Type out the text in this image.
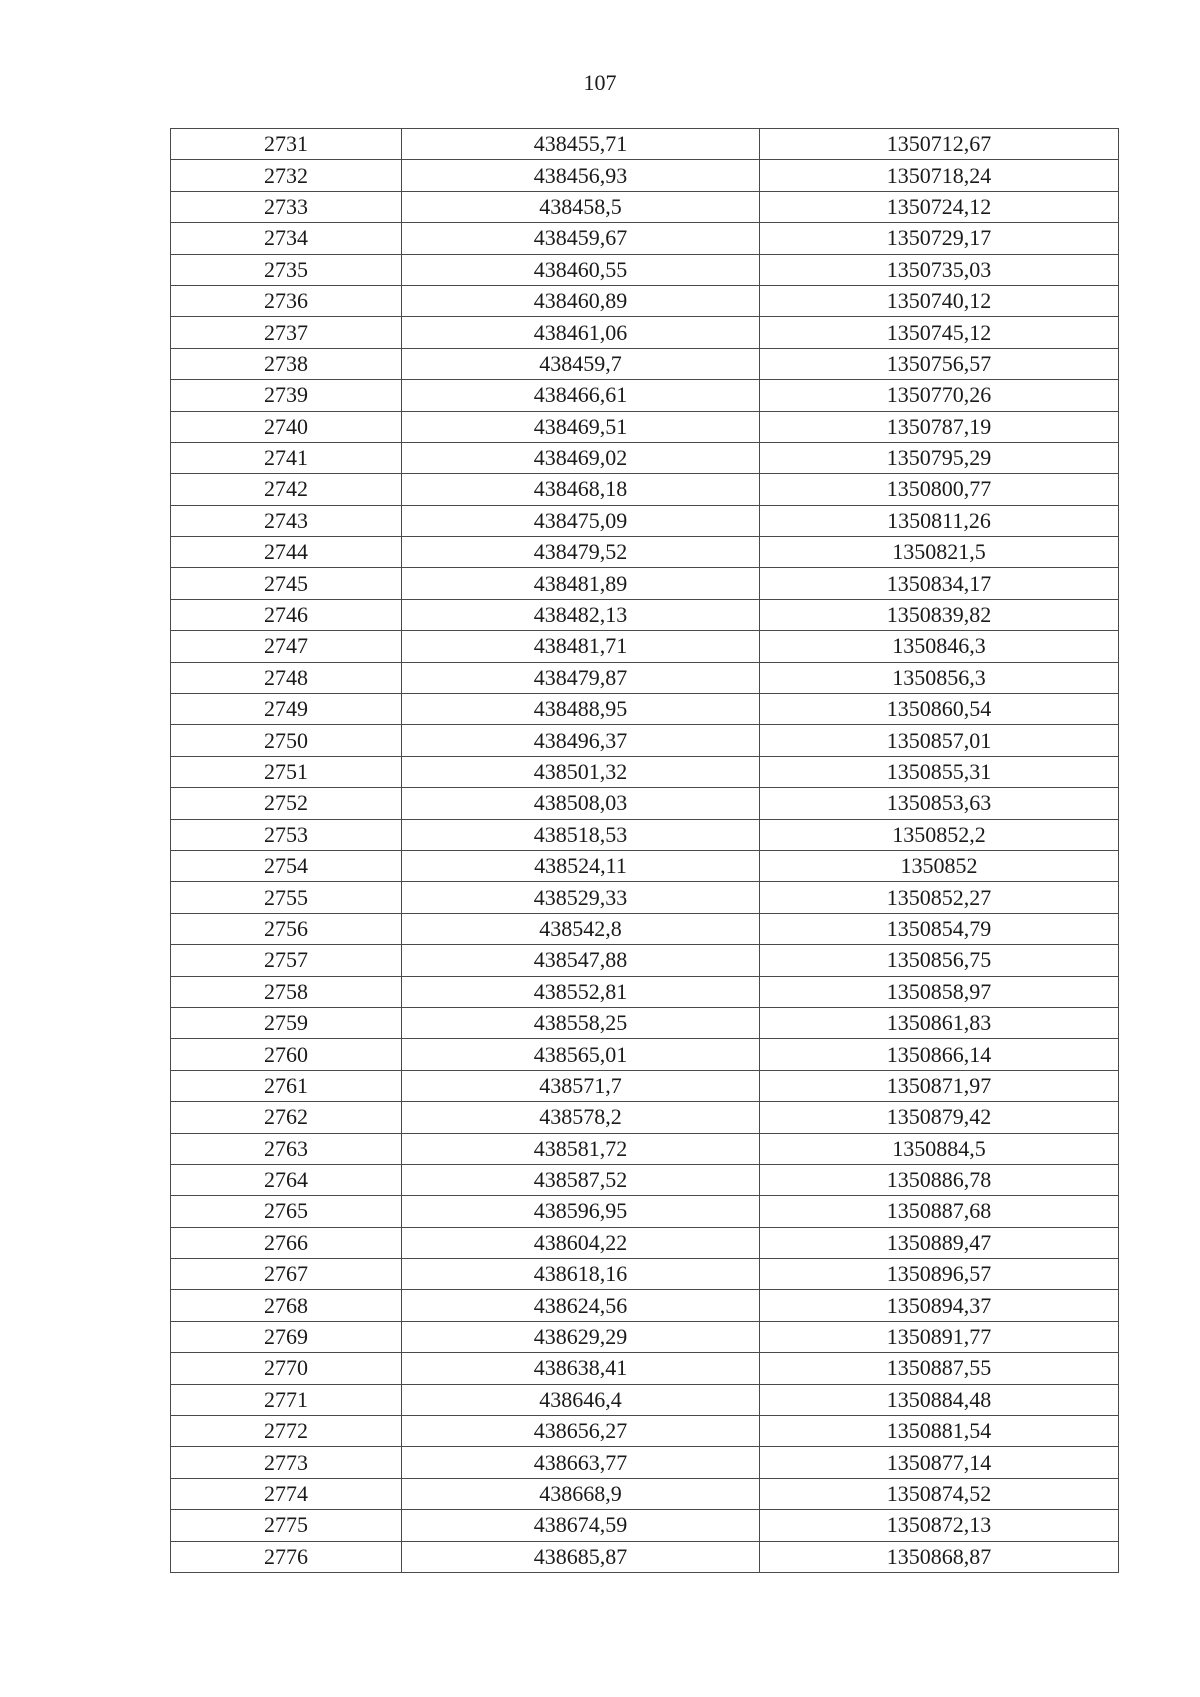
107
2731	438455,71	1350712,67
2732	438456,93	1350718,24
2733	438458,5	1350724,12
2734	438459,67	1350729,17
2735	438460,55	1350735,03
2736	438460,89	1350740,12
2737	438461,06	1350745,12
2738	438459,7	1350756,57
2739	438466,61	1350770,26
2740	438469,51	1350787,19
2741	438469,02	1350795,29
2742	438468,18	1350800,77
2743	438475,09	1350811,26
2744	438479,52	1350821,5
2745	438481,89	1350834,17
2746	438482,13	1350839,82
2747	438481,71	1350846,3
2748	438479,87	1350856,3
2749	438488,95	1350860,54
2750	438496,37	1350857,01
2751	438501,32	1350855,31
2752	438508,03	1350853,63
2753	438518,53	1350852,2
2754	438524,11	1350852
2755	438529,33	1350852,27
2756	438542,8	1350854,79
2757	438547,88	1350856,75
2758	438552,81	1350858,97
2759	438558,25	1350861,83
2760	438565,01	1350866,14
2761	438571,7	1350871,97
2762	438578,2	1350879,42
2763	438581,72	1350884,5
2764	438587,52	1350886,78
2765	438596,95	1350887,68
2766	438604,22	1350889,47
2767	438618,16	1350896,57
2768	438624,56	1350894,37
2769	438629,29	1350891,77
2770	438638,41	1350887,55
2771	438646,4	1350884,48
2772	438656,27	1350881,54
2773	438663,77	1350877,14
2774	438668,9	1350874,52
2775	438674,59	1350872,13
2776	438685,87	1350868,87
